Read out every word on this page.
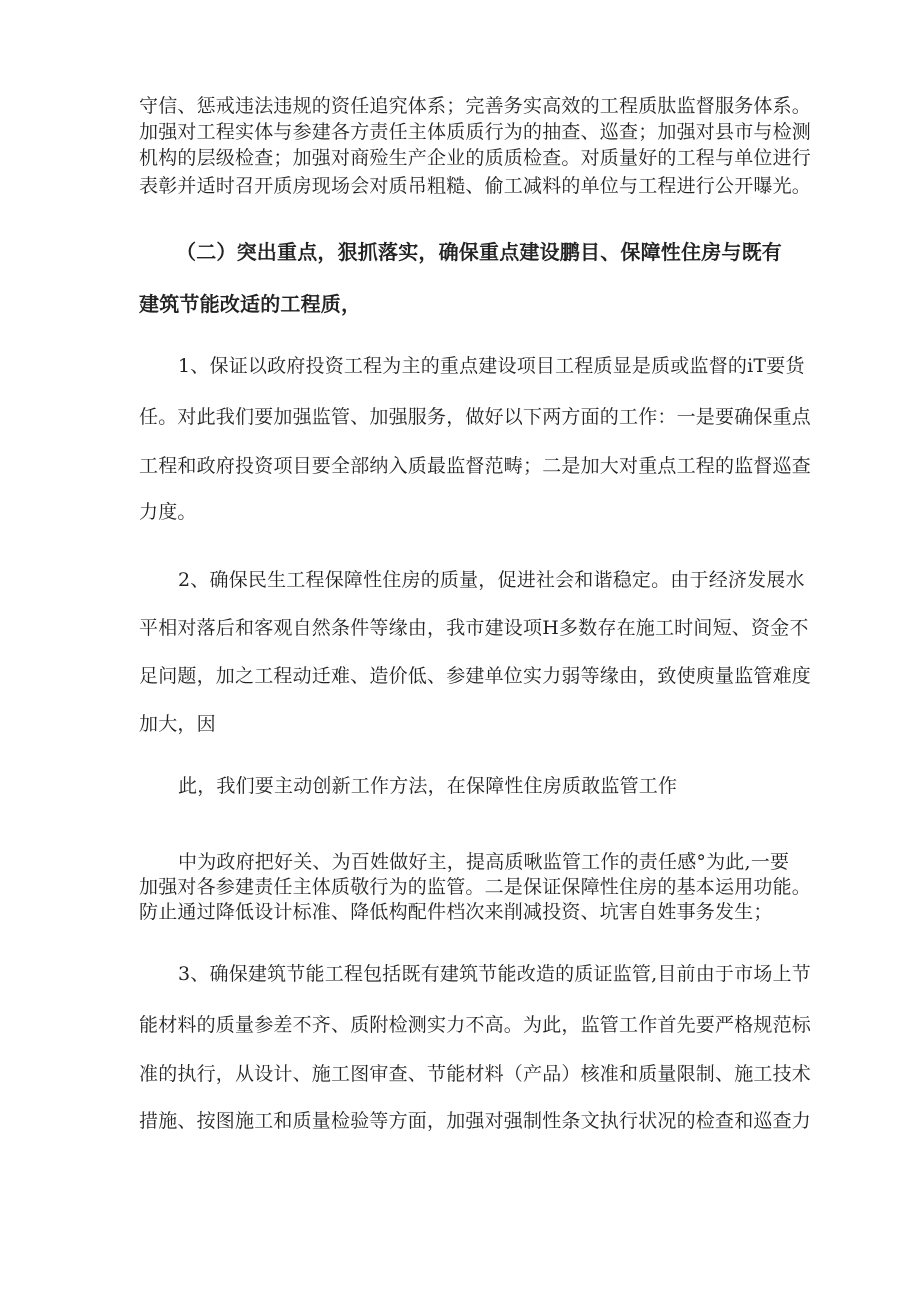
守信、惩戒违法违规的资任追究体系；完善务实高效的工程质肽监督服务体系。
加强对工程实体与参建各方责任主体质质行为的抽查、巡查；加强对县市与检测
机构的层级检查；加强对商殓生产企业的质质检查。对质量好的工程与单位进行
表彰并适时召开质房现场会对质吊粗糙、偷工减料的单位与工程进行公开曝光。
（二）突出重点，狠抓落实，确保重点建设鹏目、保障性住房与既有
建筑节能改适的工程质，
1、保证以政府投资工程为主的重点建设项目工程质显是质或监督的iT要货
任。对此我们要加强监管、加强服务，做好以下两方面的工作：一是要确保重点
工程和政府投资项目要全部纳入质最监督范畴；二是加大对重点工程的监督巡查
力度。
2、确保民生工程保障性住房的质量，促进社会和谐稳定。由于经济发展水
平相对落后和客观自然条件等缘由，我市建设项H多数存在施工时间短、资金不
足问题，加之工程动迁难、造价低、参建单位实力弱等缘由，致使庾量监管难度
加大，因
此，我们要主动创新工作方法，在保障性住房质敢监管工作
中为政府把好关、为百姓做好主，提高质啾监管工作的责任感°为此,一要
加强对各参建责任主体质敬行为的监管。二是保证保障性住房的基本运用功能。
防止通过降低设计标准、降低构配件档次来削减投资、坑害自姓事务发生；
3、确保建筑节能工程包括既有建筑节能改造的质证监管,目前由于市场上节
能材料的质量参差不齐、质附检测实力不高。为此，监管工作首先要严格规范标
准的执行，从设计、施工图审查、节能材料（产品）核准和质量限制、施工技术
措施、按图施工和质量检验等方面，加强对强制性条文执行状况的检查和巡查力
